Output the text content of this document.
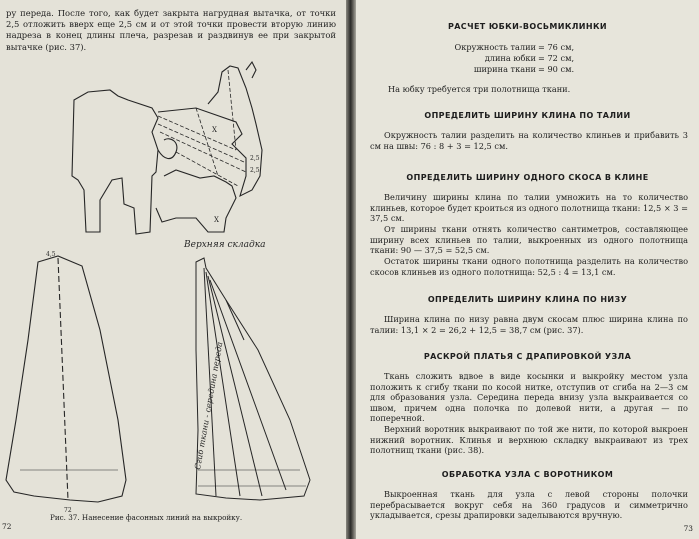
ру переда. После того, как будет закрыта нагрудная вытачка, от точки 2,5 отложить вверх еще 2,5 см и от этой точки провести вторую линию надреза в конец длины плеча, разрезав и раздвинув ее при закрытой вытачке (рис. 37).

Верхняя складка
2,5
2,5
X
X
4,5
72
Сгиб ткани - середина переда
Рис. 37. Нанесение фасонных линий на выкройку.
72
РАСЧЕТ ЮБКИ-ВОСЬМИКЛИНКИ
Окружность талии = 76 см,
длина юбки = 72 см,
ширина ткани = 90 см.

На юбку требуется три полотнища ткани.

ОПРЕДЕЛИТЬ ШИРИНУ КЛИНА ПО ТАЛИИ

Окружность талии разделить на количество клиньев и прибавить 3 см на швы: 76 : 8 + 3 = 12,5 см.

ОПРЕДЕЛИТЬ ШИРИНУ ОДНОГО СКОСА В КЛИНЕ

Величину ширины клина по талии умножить на то количество клиньев, которое будет кроиться из одного полотнища ткани: 12,5 × 3 = 37,5 см.

От ширины ткани отнять количество сантиметров, составляющее ширину всех клиньев по талии, выкроенных из одного полотнища ткани: 90 — 37,5 = 52,5 см.

Остаток ширины ткани одного полотнища разделить на количество скосов клиньев из одного полотнища: 52,5 : 4 = 13,1 см.

ОПРЕДЕЛИТЬ ШИРИНУ КЛИНА ПО НИЗУ

Ширина клина по низу равна двум скосам плюс ширина клина по талии: 13,1 × 2 = 26,2 + 12,5 = 38,7 см (рис. 37).

РАСКРОЙ ПЛАТЬЯ С ДРАПИРОВКОЙ УЗЛА

Ткань сложить вдвое в виде косынки и выкройку местом узла положить к сгибу ткани по косой нитке, отступив от сгиба на 2—3 см для образования узла. Середина переда внизу узла выкраивается со швом, причем одна полочка по долевой нити, а другая — по поперечной.

Верхний воротник выкраивают по той же нити, по которой выкроен нижний воротник. Клинья и верхнюю складку выкраивают из трех полотнищ ткани (рис. 38).

ОБРАБОТКА УЗЛА С ВОРОТНИКОМ

Выкроенная ткань для узла с левой стороны полочки перебрасывается вокруг себя на 360 градусов и симметрично укладывается, срезы драпировки заделываются вручную.

73
